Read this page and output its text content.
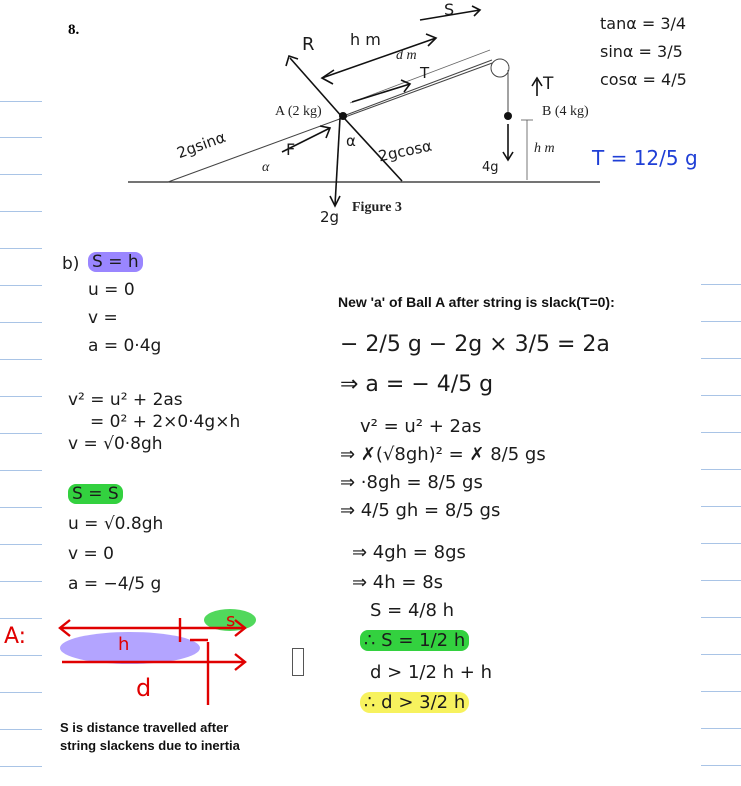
8.
A (2 kg)	B (4 kg)
d m
h m
α
Figure 3
h m
S
R
T
T
F	α
2g
4g
2gsinα	2gcosα
tanα = 3/4
sinα = 3/5
cosα = 4/5
T = 12/5 g
b) S = h
u = 0
v =
a = 0·4g
v² = u² + 2as
= 0² + 2×0·4g×h
v = √0·8gh
S = S
u = √0.8gh
v = 0
a = −4/5 g
A:	h
s
d
S is distance travelled after
string slackens due to inertia
New 'a' of Ball A after string is slack(T=0):
− 2/5 g − 2g × 3/5 = 2a
⇒ a = − 4/5 g
v² = u² + 2as
⇒ ✗(√8gh)² = ✗ 8/5 gs
⇒ ·8gh = 8/5 gs
⇒ 4/5 gh = 8/5 gs
⇒ 4gh = 8gs
⇒ 4h = 8s
S = 4/8 h
∴ S = 1/2 h
d > 1/2 h + h
∴ d > 3/2 h
